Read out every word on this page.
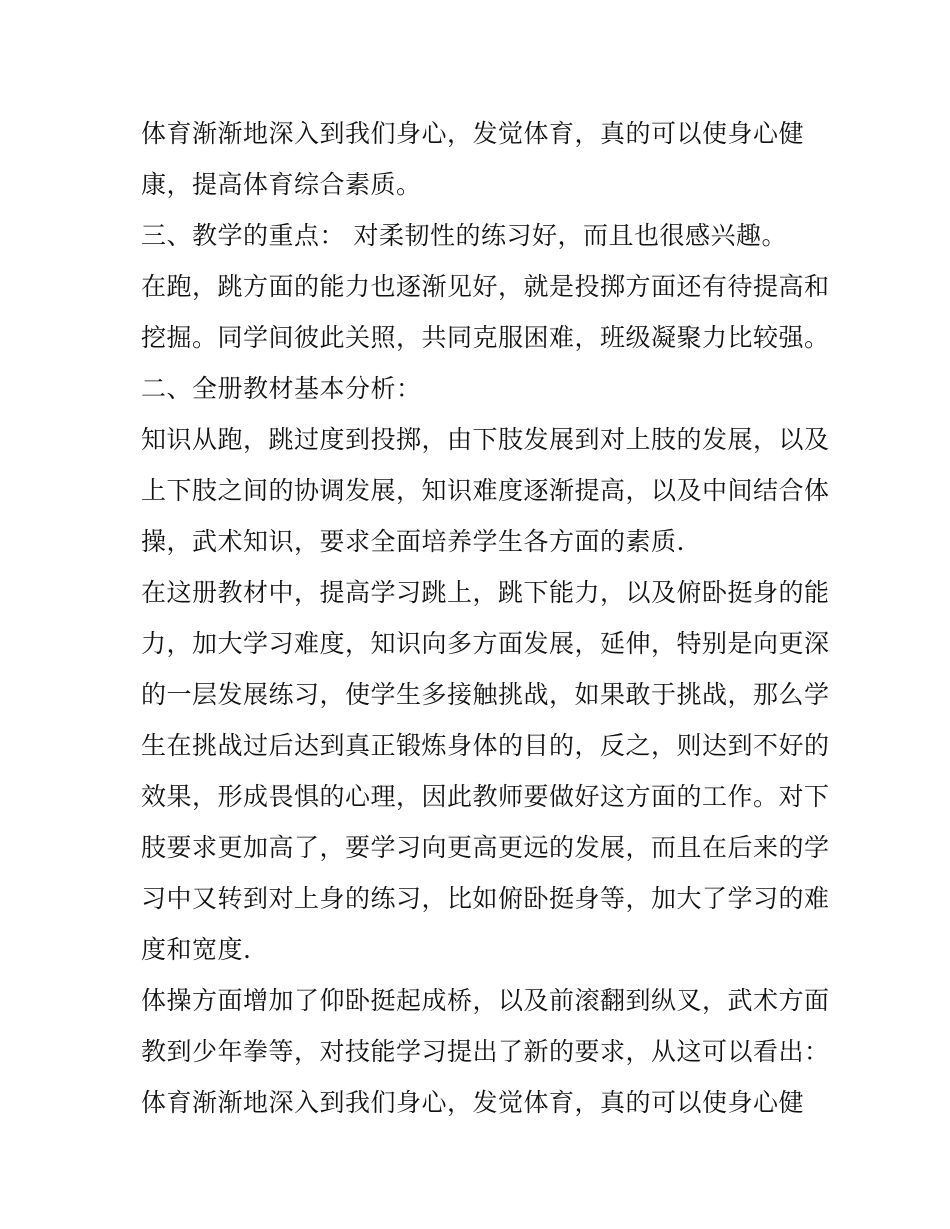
体育渐渐地深入到我们身心，发觉体育，真的可以使身心健
康，提高体育综合素质。
三、教学的重点： 对柔韧性的练习好，而且也很感兴趣。
在跑，跳方面的能力也逐渐见好，就是投掷方面还有待提高和
挖掘。同学间彼此关照，共同克服困难，班级凝聚力比较强。
二、全册教材基本分析：
知识从跑，跳过度到投掷，由下肢发展到对上肢的发展，以及
上下肢之间的协调发展，知识难度逐渐提高，以及中间结合体
操，武术知识，要求全面培养学生各方面的素质.
在这册教材中，提高学习跳上，跳下能力，以及俯卧挺身的能
力，加大学习难度，知识向多方面发展，延伸，特别是向更深
的一层发展练习，使学生多接触挑战，如果敢于挑战，那么学
生在挑战过后达到真正锻炼身体的目的，反之，则达到不好的
效果，形成畏惧的心理，因此教师要做好这方面的工作。对下
肢要求更加高了，要学习向更高更远的发展，而且在后来的学
习中又转到对上身的练习，比如俯卧挺身等，加大了学习的难
度和宽度.
体操方面增加了仰卧挺起成桥，以及前滚翻到纵叉，武术方面
教到少年拳等，对技能学习提出了新的要求，从这可以看出：
体育渐渐地深入到我们身心，发觉体育，真的可以使身心健
